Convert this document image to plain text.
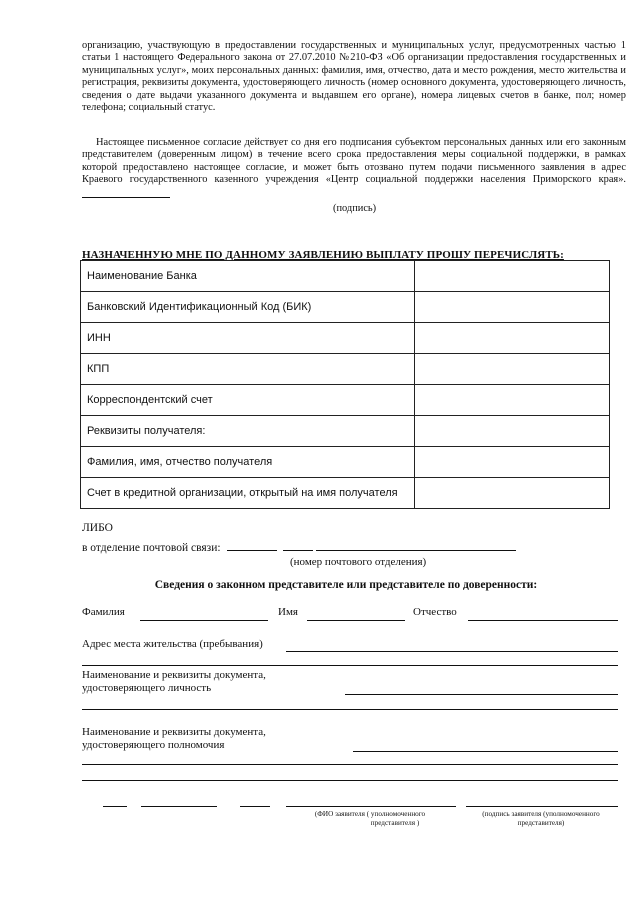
организацию, участвующую в предоставлении государственных и муниципальных услуг, предусмотренных частью 1 статьи 1 настоящего Федерального закона от 27.07.2010 №210-ФЗ «Об организации предоставления государственных и муниципальных услуг», моих персональных данных: фамилия, имя, отчество, дата и место рождения, место жительства и регистрация, реквизиты документа, удостоверяющего личность (номер основного документа, удостоверяющего личность, сведения о дате выдачи указанного документа и выдавшем его органе), номера лицевых счетов в банке, пол; номер телефона; социальный статус.

Настоящее письменное согласие действует со дня его подписания субъектом персональных данных или его законным представителем (доверенным лицом) в течение всего срока предоставления меры социальной поддержки, в рамках которой предоставлено настоящее согласие, и может быть отозвано путем подачи письменного заявления в адрес Краевого государственного казенного учреждения «Центр социальной поддержки населения Приморского края».

(подпись)
НАЗНАЧЕННУЮ МНЕ ПО ДАННОМУ ЗАЯВЛЕНИЮ ВЫПЛАТУ ПРОШУ ПЕРЕЧИСЛЯТЬ:
Наименование Банка	
Банковский Идентификационный Код (БИК)	
ИНН	
КПП	
Корреспондентский счет	
Реквизиты получателя:	
Фамилия, имя, отчество получателя	
Счет в кредитной организации, открытый на имя получателя	
ЛИБО
в отделение почтовой связи:
(номер почтового отделения)
Сведения о законном представителе или представителе по доверенности:
Фамилия	Имя	Отчество
Адрес места жительства (пребывания)
Наименование и реквизиты документа,
удостоверяющего личность
Наименование и реквизиты документа,
удостоверяющего полномочия
(ФИО заявителя ( уполномоченного
представителя )
(подпись заявителя (уполномоченного
представителя)
